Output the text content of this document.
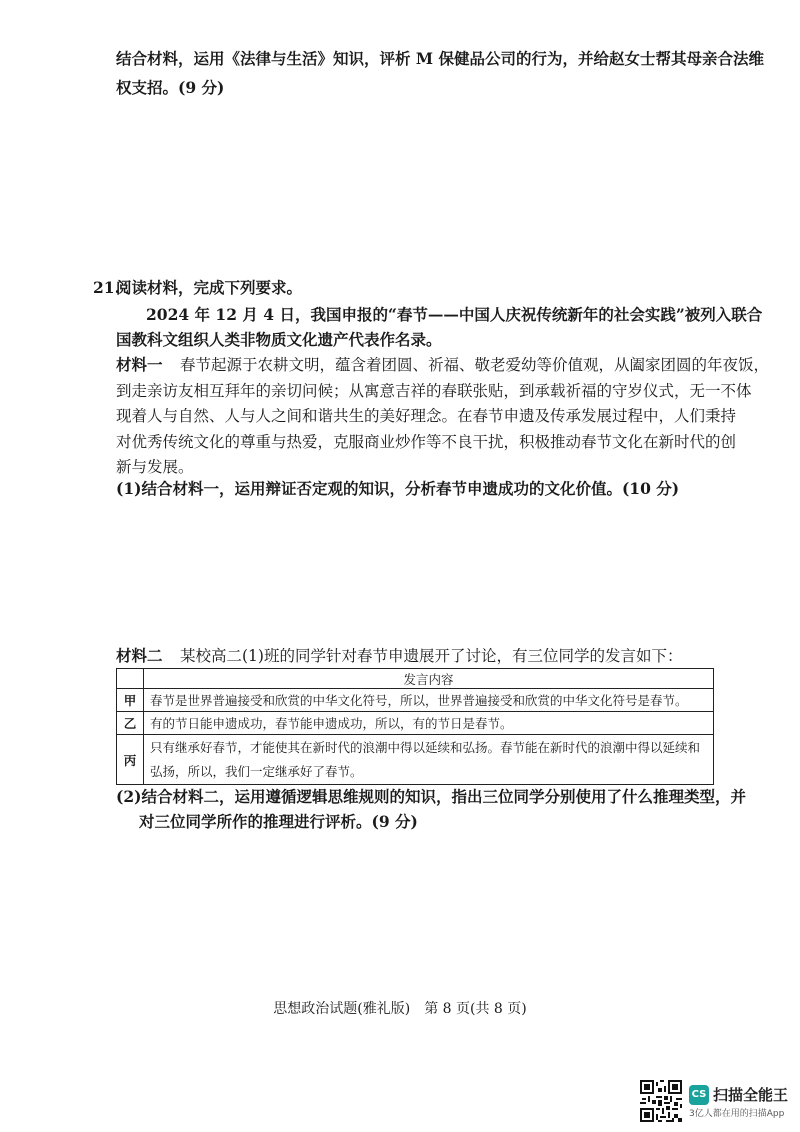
结合材料，运用《法律与生活》知识，评析 M 保健品公司的行为，并给赵女士帮其母亲合法维
权支招。(9 分)
21.
阅读材料，完成下列要求。
2024 年 12 月 4 日，我国申报的“春节——中国人庆祝传统新年的社会实践”被列入联合
国教科文组织人类非物质文化遗产代表作名录。
材料一 春节起源于农耕文明，蕴含着团圆、祈福、敬老爱幼等价值观，从阖家团圆的年夜饭，
到走亲访友相互拜年的亲切问候；从寓意吉祥的春联张贴，到承载祈福的守岁仪式，无一不体
现着人与自然、人与人之间和谐共生的美好理念。在春节申遗及传承发展过程中，人们秉持
对优秀传统文化的尊重与热爱，克服商业炒作等不良干扰，积极推动春节文化在新时代的创
新与发展。
(1)结合材料一，运用辩证否定观的知识，分析春节申遗成功的文化价值。(10 分)
材料二 某校高二(1)班的同学针对春节申遗展开了讨论，有三位同学的发言如下：
	发言内容
甲	春节是世界普遍接受和欣赏的中华文化符号，所以，世界普遍接受和欣赏的中华文化符号是春节。
乙	有的节日能申遗成功，春节能申遗成功，所以，有的节日是春节。
丙	只有继承好春节，才能使其在新时代的浪潮中得以延续和弘扬。春节能在新时代的浪潮中得以延续和
弘扬，所以，我们一定继承好了春节。
(2)结合材料二，运用遵循逻辑思维规则的知识，指出三位同学分别使用了什么推理类型，并
对三位同学所作的推理进行评析。(9 分)
思想政治试题(雅礼版)　第 8 页(共 8 页)
CS 扫描全能王
3亿人都在用的扫描App
